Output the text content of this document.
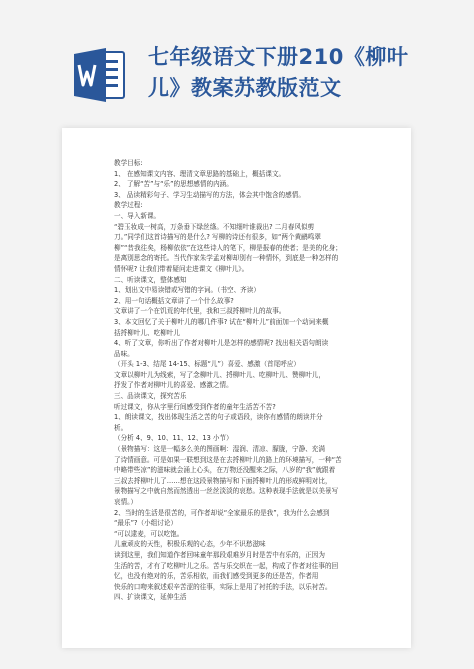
七年级语文下册210《柳叶
儿》教案苏教版范文
教学目标:
1、 在感知课文内容、理清文章思路的基础上，概括课文。
2、 了解“苦”与“乐”的思想感情的内涵。
3、 品读精彩句子、学习生动描写的方法，体会其中饱含的感情。
教学过程:
一、导入新课。
“碧玉妆成一树高，万条垂下绿丝绦。不知细叶谁裁出? 二月春风似剪
刀。”同学们这首诗描写的是什么? 写柳的诗还有很多，如“两个黄鹂鸣翠
柳”“昔我往矣，杨柳依依”在这些诗人的笔下，柳是报春的使者；是美的化身；
是离别思念的寄托。当代作家朱学孟对柳却别有一种情怀，到底是一种怎样的
情怀呢? 让我们带着疑问走进课文《柳叶儿》。
二、听读课文，整体感知
1、划出文中易读错或写错的字词。（书空、齐读）
2、用一句话概括文章讲了一个什么故事?
文章讲了一个在饥荒的年代里，我和三叔捋柳叶儿的故事。
3、本文回忆了关于柳叶儿的哪几件事? 试在“柳叶儿”前面加一个动词来概
括捋柳叶儿、吃柳叶儿
4、听了文章，你听出了作者对柳叶儿是怎样的感情呢? 找出相关语句朗读
品味。
（开头 1-3、结尾 14-15、标题“儿”）喜爱、感激（首尾呼应）
文章以柳叶儿为线索，写了念柳叶儿、捋柳叶儿、吃柳叶儿、赞柳叶儿，
抒发了作者对柳叶儿的喜爱、感激之情。
三、品读课文，探究苦乐
听过课文，你从字里行间感受到作者的童年生活苦不苦?
1、朗读课文，找出体现生活之苦的句子或语段，读你有感情的朗读并分
析。
（分析 4、9、10、11、12、13 小节）
（景物描写：这是一幅多么美的图画啊：湿润、清凉、朦胧，宁静、充满
了诗情画意。可是如果一联想到这是在去捋柳叶儿的路上的环境描写，一种“苦
中略带些凉”的滋味就会涌上心头，在万物还没醒来之际，八岁的“我”就跟着
三叔去捋柳叶儿了……想在这段景物描写和下面捋柳叶儿的形成鲜明对比，
景物描写之中就自然而然透出一丝丝淡淡的哀愁。这种表现手法就是以美景写
哀情。）
2、当时的生活是很苦的，可作者却说“全家最乐的是我”，我为什么会感到
“最乐”?（小组讨论）
“可以逮麦，可以吃饱。
儿童顽皮的天性，积极乐观的心态，少年不识愁滋味
读到这里，我们知道作者回味童年那段艰难岁月时是苦中有乐的，正因为
生活的苦，才有了吃柳叶儿之乐。苦与乐交织在一起，构成了作者对往事的回
忆，也没有绝对的乐，苦乐相依，而我们感受到更多的还是苦，作者用
快乐的口吻来叙述艰辛苦涩的往事，实际上是用了衬托的手法，以乐衬苦。
四、扩读课文，延伸生活
